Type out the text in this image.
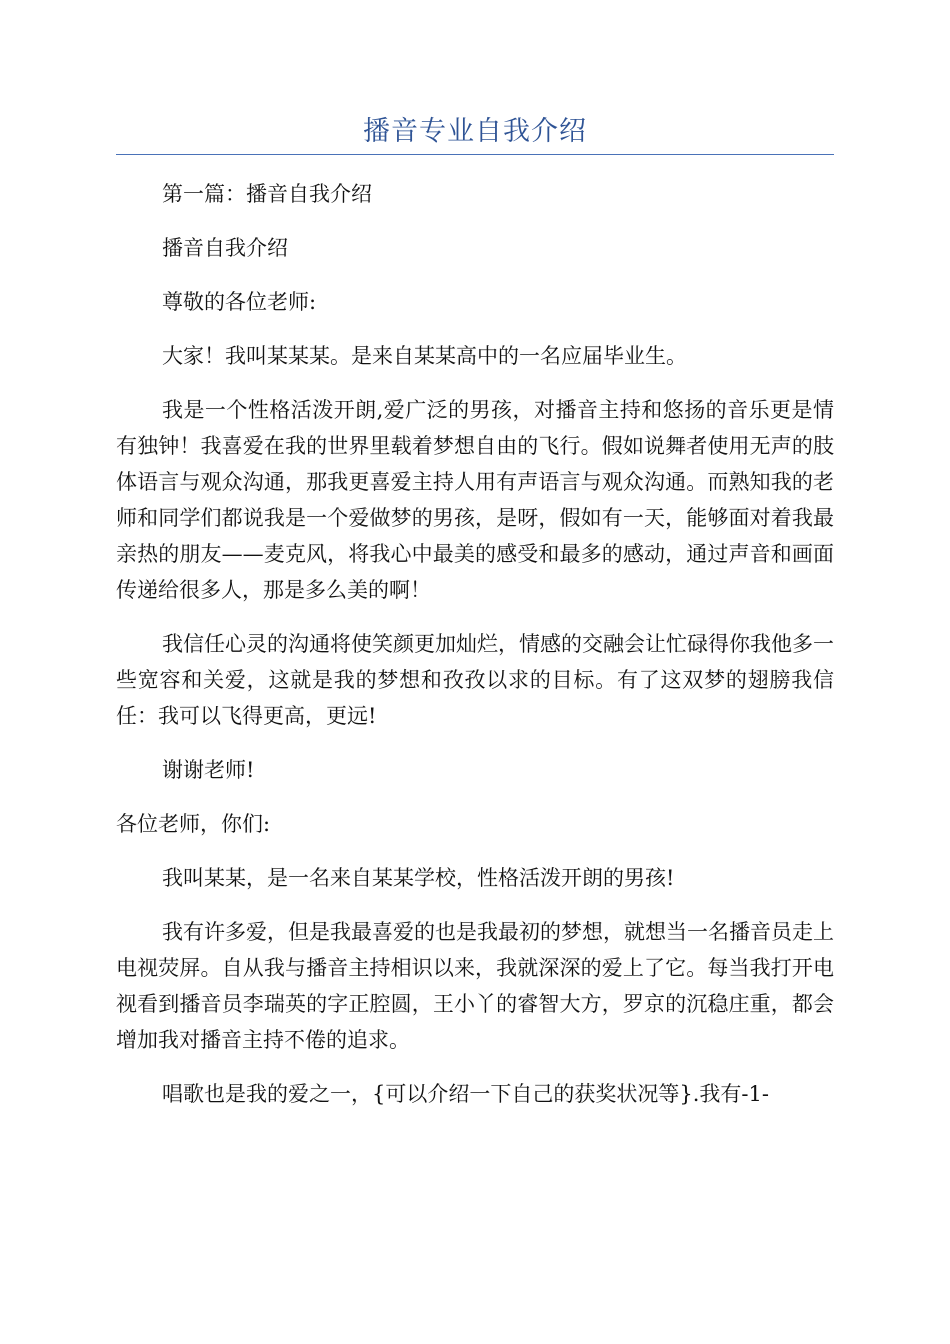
播音专业自我介绍

第一篇：播音自我介绍

播音自我介绍

尊敬的各位老师:

大家！我叫某某某。是来自某某高中的一名应届毕业生。

我是一个性格活泼开朗,爱广泛的男孩，对播音主持和悠扬的音乐更是情有独钟！我喜爱在我的世界里载着梦想自由的飞行。假如说舞者使用无声的肢体语言与观众沟通，那我更喜爱主持人用有声语言与观众沟通。而熟知我的老师和同学们都说我是一个爱做梦的男孩，是呀，假如有一天，能够面对着我最亲热的朋友——麦克风，将我心中最美的感受和最多的感动，通过声音和画面传递给很多人，那是多么美的啊！

我信任心灵的沟通将使笑颜更加灿烂，情感的交融会让忙碌得你我他多一些宽容和关爱，这就是我的梦想和孜孜以求的目标。有了这双梦的翅膀我信任：我可以飞得更高，更远!

谢谢老师!

各位老师，你们:

我叫某某，是一名来自某某学校，性格活泼开朗的男孩!

我有许多爱，但是我最喜爱的也是我最初的梦想，就想当一名播音员走上电视荧屏。自从我与播音主持相识以来，我就深深的爱上了它。每当我打开电视看到播音员李瑞英的字正腔圆，王小丫的睿智大方，罗京的沉稳庄重，都会增加我对播音主持不倦的追求。

唱歌也是我的爱之一，{可以介绍一下自己的获奖状况等}.我有-1-
